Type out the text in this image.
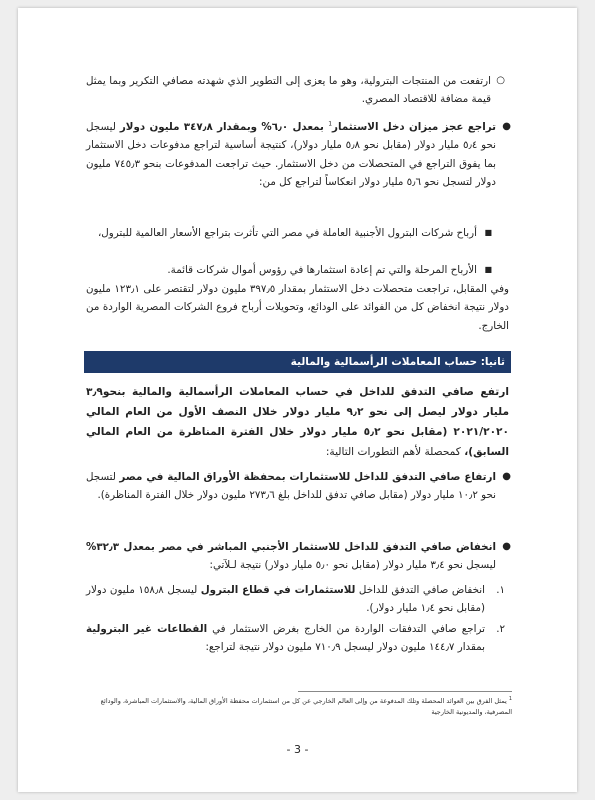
○
ارتفعت من المنتجات البترولية، وهو ما يعزى إلى التطوير الذي شهدته مصافي التكرير وبما يمثل قيمة مضافة للاقتصاد المصري.
●
تراجع عجز ميزان دخل الاستثمار$^1$ بمعدل ٦٫٠% وبمقدار ٣٤٧٫٨ مليون دولار ليسجل نحو ٥٫٤ مليار دولار (مقابل نحو ٥٫٨ مليار دولار)، كنتيجة أساسية لتراجع مدفوعات دخل الاستثمار بما يفوق التراجع في المتحصلات من دخل الاستثمار. حيث تراجعت المدفوعات بنحو ٧٤٥٫٣ مليون دولار لتسجل نحو ٥٫٦ مليار دولار انعكاساً لتراجع كل من:
■
أرباح شركات البترول الأجنبية العاملة في مصر التي تأثرت بتراجع الأسعار العالمية للبترول،
■
الأرباح المرحلة والتي تم إعادة استثمارها في رؤوس أموال شركات قائمة.
وفي المقابل، تراجعت متحصلات دخل الاستثمار بمقدار ٣٩٧٫٥ مليون دولار لتقتصر على ١٢٣٫١ مليون دولار نتيجة انخفاض كل من الفوائد على الودائع، وتحويلات أرباح فروع الشركات المصرية الواردة من الخارج.
ثانيا: حساب المعاملات الرأسمالية والمالية
ارتفع صافي التدفق للداخل في حساب المعاملات الرأسمالية والمالية بنحو٣٫٩ مليار دولار ليصل إلى نحو ٩٫٢ مليار دولار خلال النصف الأول من العام المالي ٢٠٢١/٢٠٢٠ (مقابل نحو ٥٫٢ مليار دولار خلال الفترة المناظرة من العام المالي السابق)، كمحصلة لأهم التطورات التالية:
●
ارتفاع صافي التدفق للداخل للاستثمارات بمحفظة الأوراق المالية في مصر لتسجل نحو ١٠٫٢ مليار دولار (مقابل صافي تدفق للداخل بلغ ٢٧٣٫٦ مليون دولار خلال الفترة المناظرة).
●
انخفاض صافي التدفق للداخل للاستثمار الأجنبي المباشر في مصر بمعدل ٣٢٫٣% ليسجل نحو ٣٫٤ مليار دولار (مقابل نحو ٥٫٠ مليار دولار) نتيجة لـلآتي:
١.
انخفاض صافي التدفق للداخل للاستثمارات في قطاع البترول ليسجل ١٥٨٫٨ مليون دولار (مقابل نحو ١٫٤ مليار دولار).
٢.
تراجع صافي التدفقات الواردة من الخارج بغرض الاستثمار في القطاعات غير البترولية بمقدار ١٤٤٫٧ مليون دولار ليسجل ٧١٠٫٩ مليون دولار نتيجة لتراجع:
$^1$يمثل الفرق بين العوائد المحصلة وتلك المدفوعة من وإلى العالم الخارجي عن كل من استثمارات محفظة الأوراق المالية، والاستثمارات المباشرة، والودائع المصرفية، والمديونية الخارجية
- 3 -
